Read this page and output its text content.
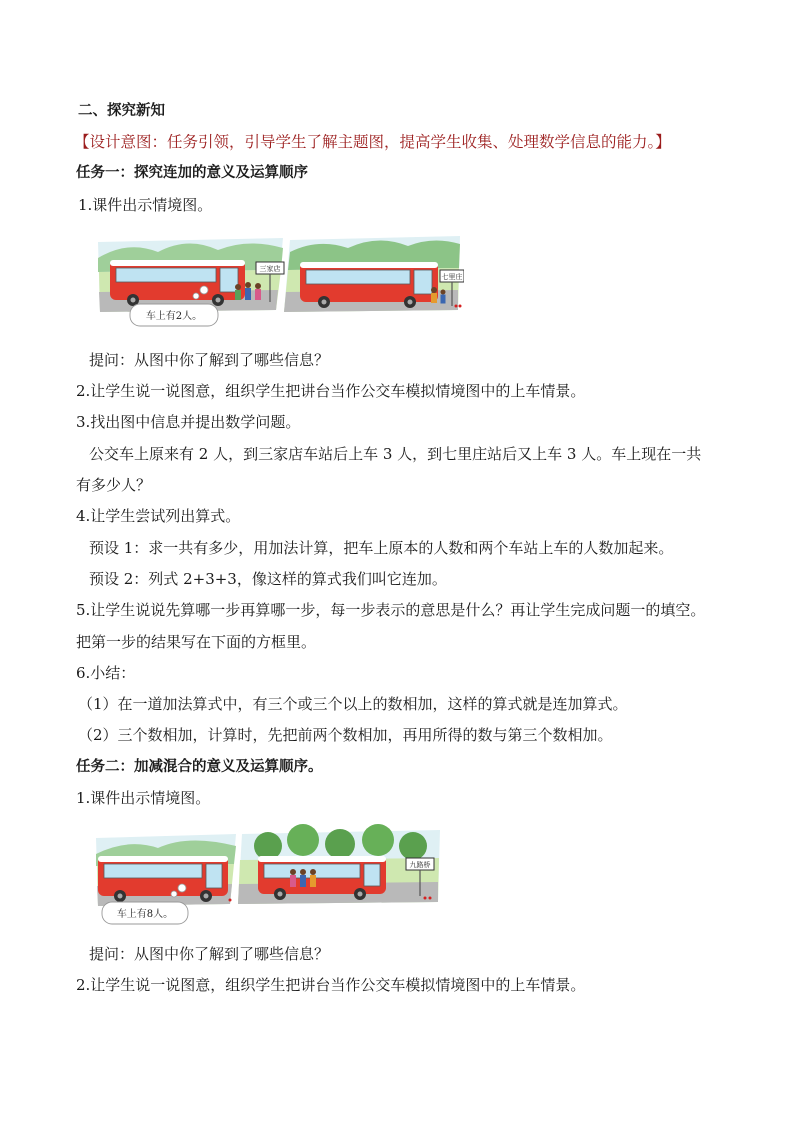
二、探究新知
【设计意图：任务引领，引导学生了解主题图，提高学生收集、处理数学信息的能力。】
任务一：探究连加的意义及运算顺序
1.课件出示情境图。
三家店
车上有2人。
七里庄
提问：从图中你了解到了哪些信息？
2.让学生说一说图意，组织学生把讲台当作公交车模拟情境图中的上车情景。
3.找出图中信息并提出数学问题。
公交车上原来有 2 人，到三家店车站后上车 3 人，到七里庄站后又上车 3 人。车上现在一共
有多少人？
4.让学生尝试列出算式。
预设 1：求一共有多少，用加法计算，把车上原本的人数和两个车站上车的人数加起来。
预设 2：列式 2+3+3，像这样的算式我们叫它连加。
5.让学生说说先算哪一步再算哪一步，每一步表示的意思是什么？再让学生完成问题一的填空。
把第一步的结果写在下面的方框里。
6.小结：
（1）在一道加法算式中，有三个或三个以上的数相加，这样的算式就是连加算式。
（2）三个数相加，计算时，先把前两个数相加，再用所得的数与第三个数相加。
任务二：加减混合的意义及运算顺序。
1.课件出示情境图。
车上有8人。
九路桥
提问：从图中你了解到了哪些信息？
2.让学生说一说图意，组织学生把讲台当作公交车模拟情境图中的上车情景。
